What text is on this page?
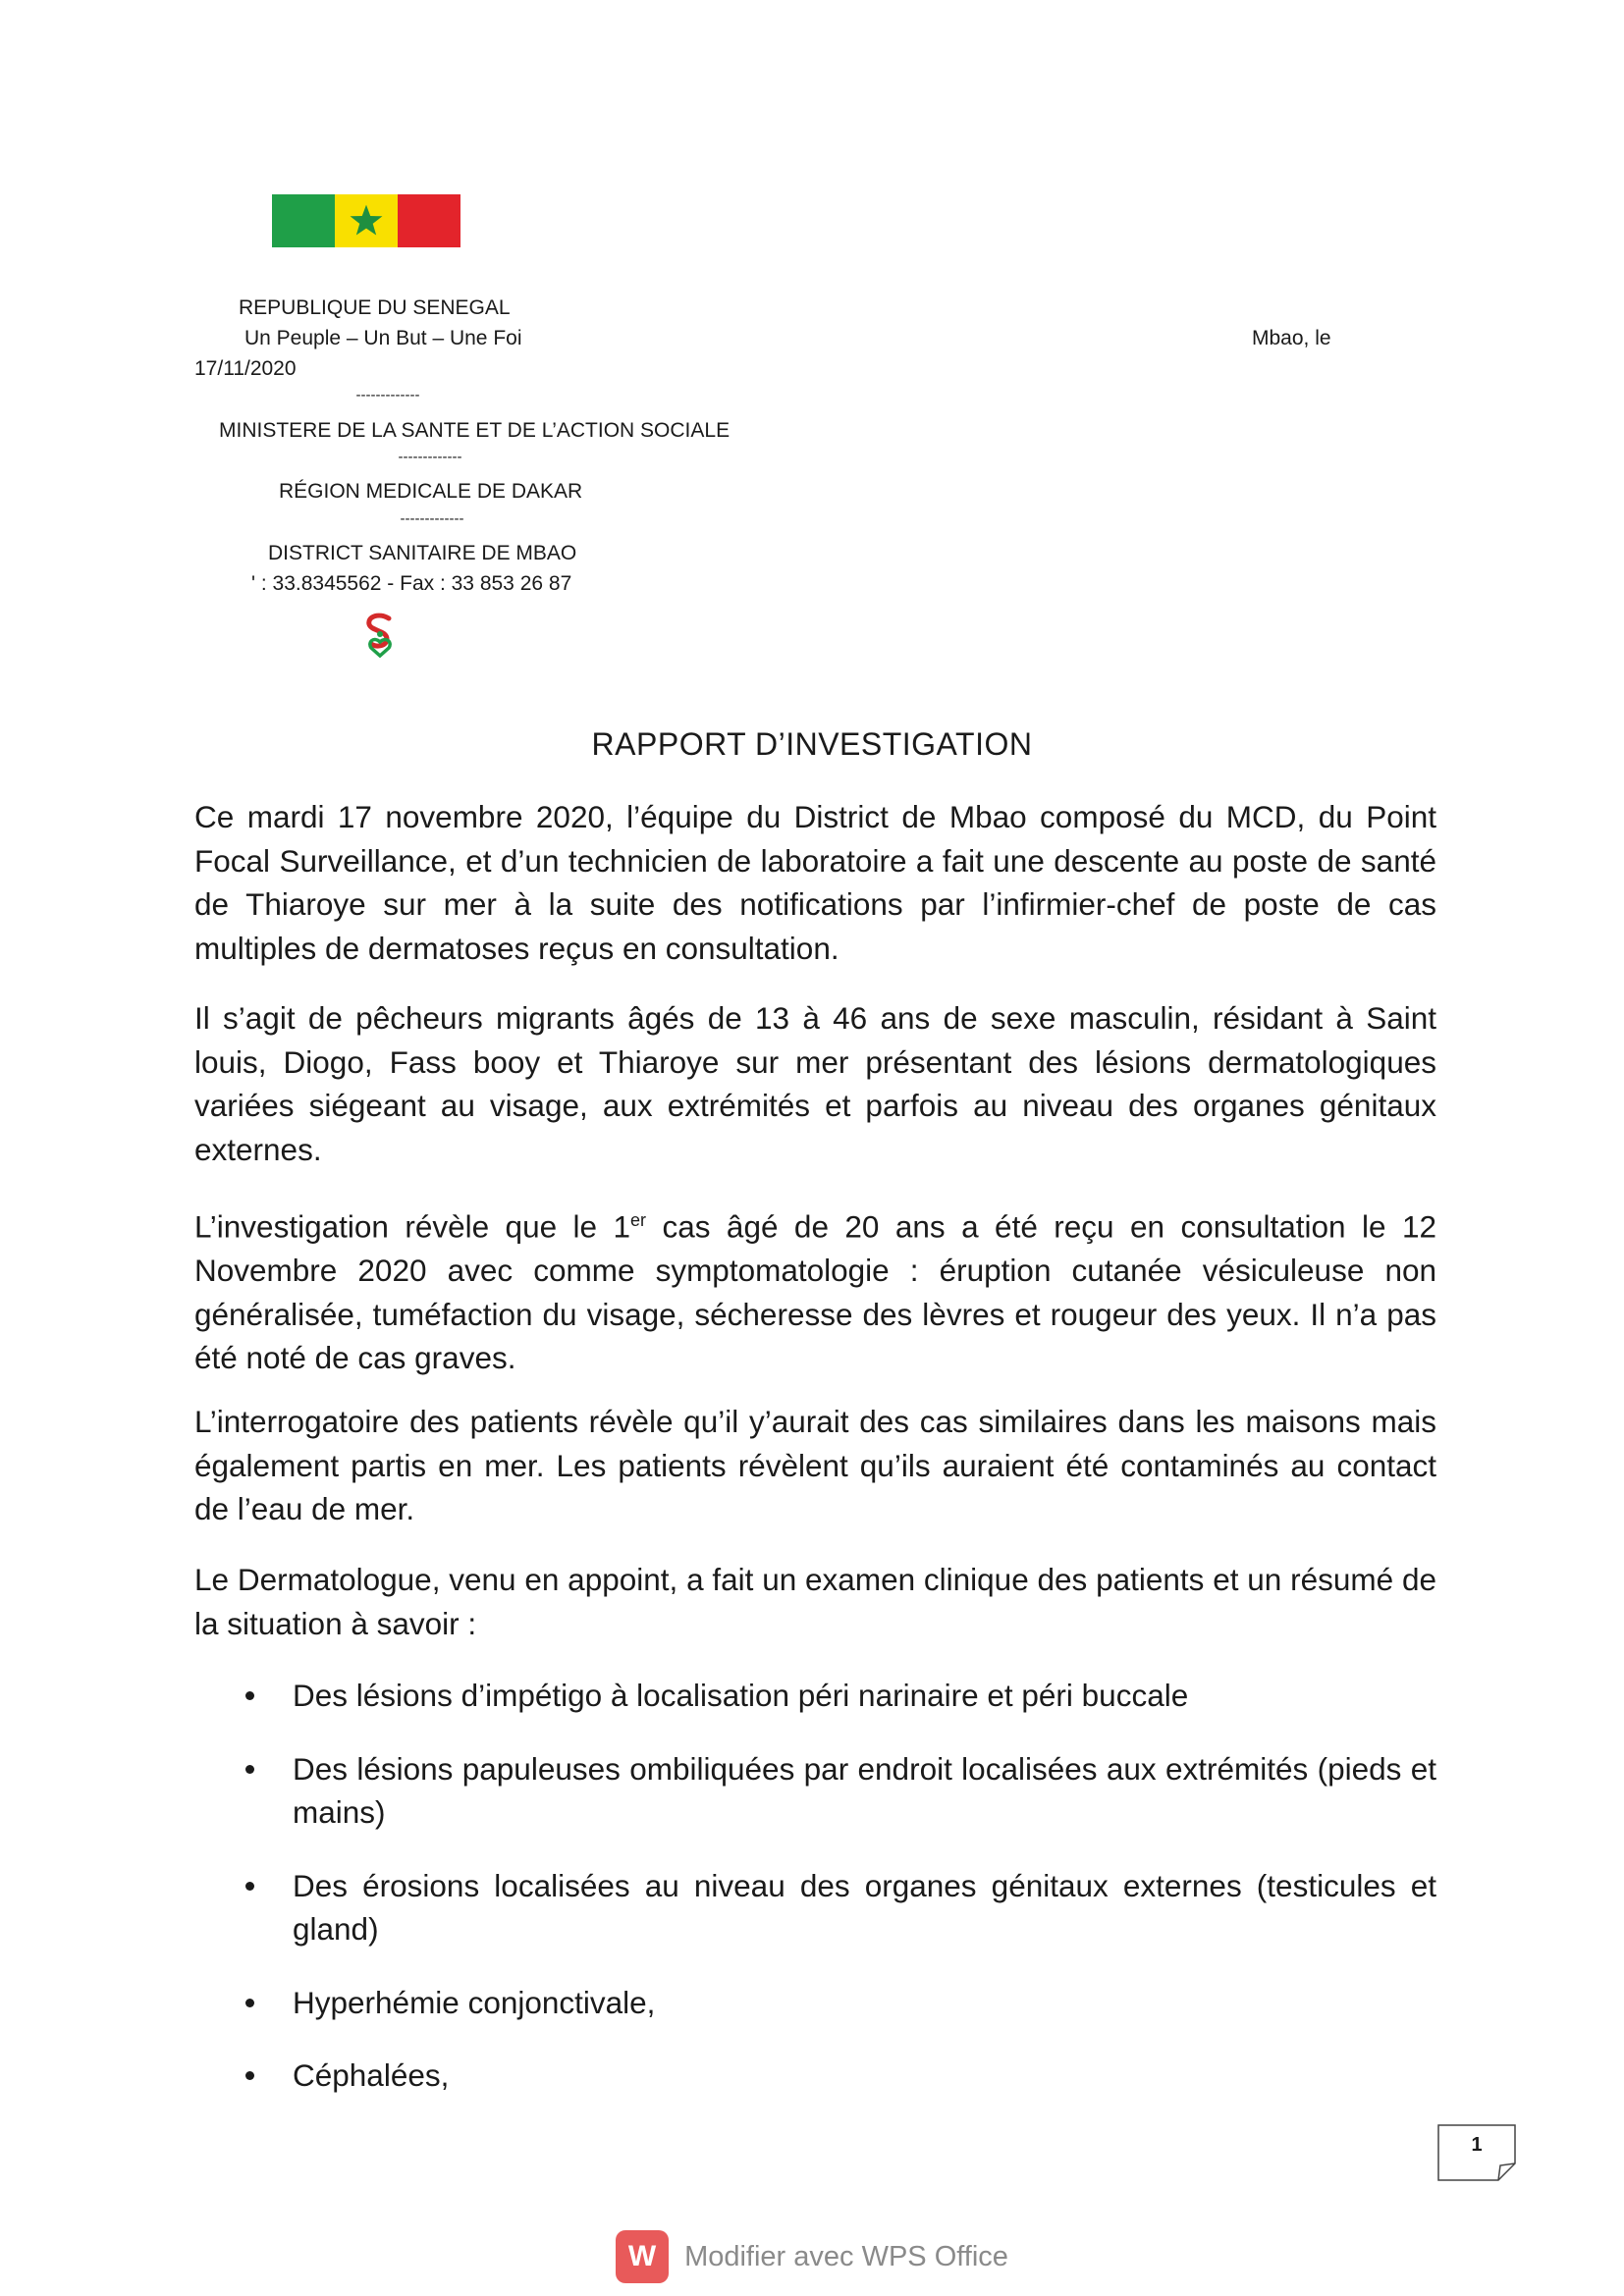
REPUBLIQUE DU SENEGAL
Un Peuple – Un But – Une Foi	Mbao, le
17/11/2020
-------------
MINISTERE DE LA SANTE ET DE L’ACTION SOCIALE
-------------
RÉGION MEDICALE DE DAKAR
-------------
DISTRICT SANITAIRE DE MBAO
' : 33.8345562 - Fax : 33 853 26 87
RAPPORT D’INVESTIGATION
Ce mardi 17 novembre 2020, l’équipe du District de Mbao composé du MCD, du Point Focal Surveillance, et d’un technicien de laboratoire a fait une descente au poste de santé de Thiaroye sur mer à la suite des notifications par l’infirmier-chef de poste de cas multiples de dermatoses reçus en consultation.
Il s’agit de pêcheurs migrants âgés de 13 à 46 ans de sexe masculin, résidant à Saint louis, Diogo, Fass booy et Thiaroye sur mer présentant des lésions dermatologiques variées siégeant au visage, aux extrémités et parfois au niveau des organes génitaux externes.
L’investigation révèle que le 1er cas âgé de 20 ans a été reçu en consultation le 12 Novembre 2020 avec comme symptomatologie : éruption cutanée vésiculeuse non généralisée, tuméfaction du visage, sécheresse des lèvres et rougeur des yeux. Il n’a pas été noté de cas graves.
L’interrogatoire des patients révèle qu’il y’aurait des cas similaires dans les maisons mais également partis en mer. Les patients révèlent qu’ils auraient été contaminés au contact de l’eau de mer.
Le Dermatologue, venu en appoint, a fait un examen clinique des patients et un résumé de la situation à savoir :
Des lésions d’impétigo à localisation péri narinaire et péri buccale
Des lésions papuleuses ombiliquées par endroit localisées aux extrémités (pieds et mains)
Des érosions localisées au niveau des organes génitaux externes (testicules et gland)
Hyperhémie conjonctivale,
Céphalées,
1
W Modifier avec WPS Office
